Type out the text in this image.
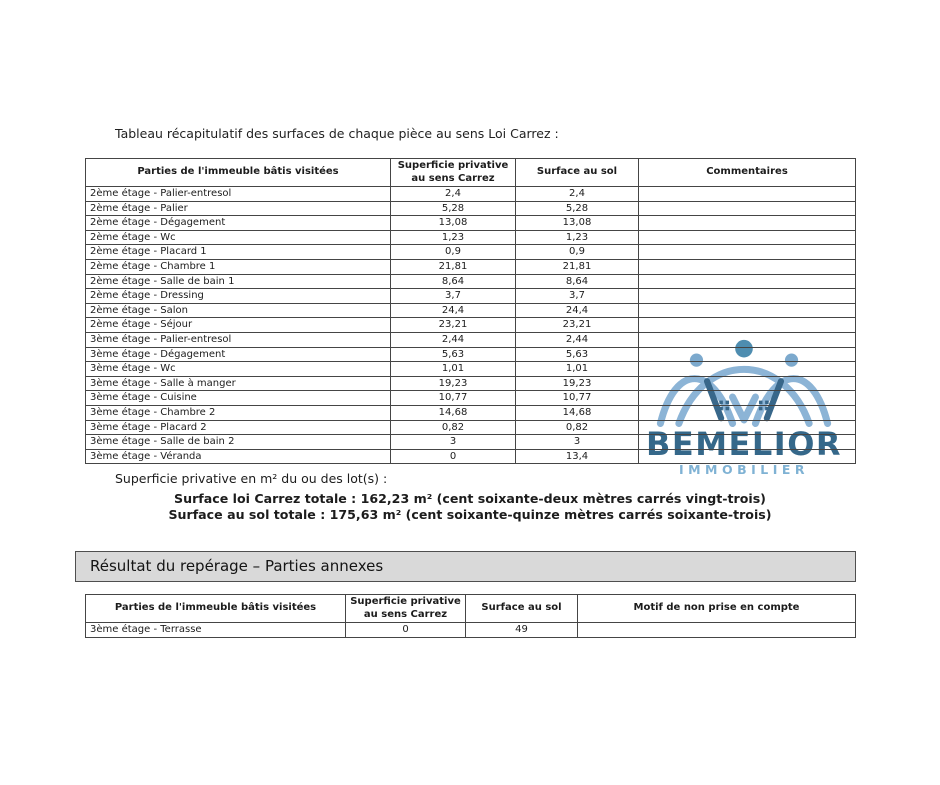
Tableau récapitulatif des surfaces de chaque pièce au sens Loi Carrez :
BEMELIOR
IMMOBILIER
Parties de l'immeuble bâtis visitées	Superficie privative au sens Carrez	Surface au sol	Commentaires
2ème étage - Palier-entresol	2,4	2,4	
2ème étage - Palier	5,28	5,28	
2ème étage - Dégagement	13,08	13,08	
2ème étage - Wc	1,23	1,23	
2ème étage - Placard 1	0,9	0,9	
2ème étage - Chambre 1	21,81	21,81	
2ème étage - Salle de bain 1	8,64	8,64	
2ème étage - Dressing	3,7	3,7	
2ème étage - Salon	24,4	24,4	
2ème étage - Séjour	23,21	23,21	
3ème étage - Palier-entresol	2,44	2,44	
3ème étage - Dégagement	5,63	5,63	
3ème étage - Wc	1,01	1,01	
3ème étage - Salle à manger	19,23	19,23	
3ème étage - Cuisine	10,77	10,77	
3ème étage - Chambre 2	14,68	14,68	
3ème étage - Placard 2	0,82	0,82	
3ème étage - Salle de bain 2	3	3	
3ème étage - Véranda	0	13,4	
Superficie privative en m² du ou des lot(s) :
Surface loi Carrez totale : 162,23 m² (cent soixante-deux mètres carrés vingt-trois)
Surface au sol totale : 175,63 m² (cent soixante-quinze mètres carrés soixante-trois)
Résultat du repérage – Parties annexes
Parties de l'immeuble bâtis visitées	Superficie privative au sens Carrez	Surface au sol	Motif de non prise en compte
3ème étage - Terrasse	0	49	
